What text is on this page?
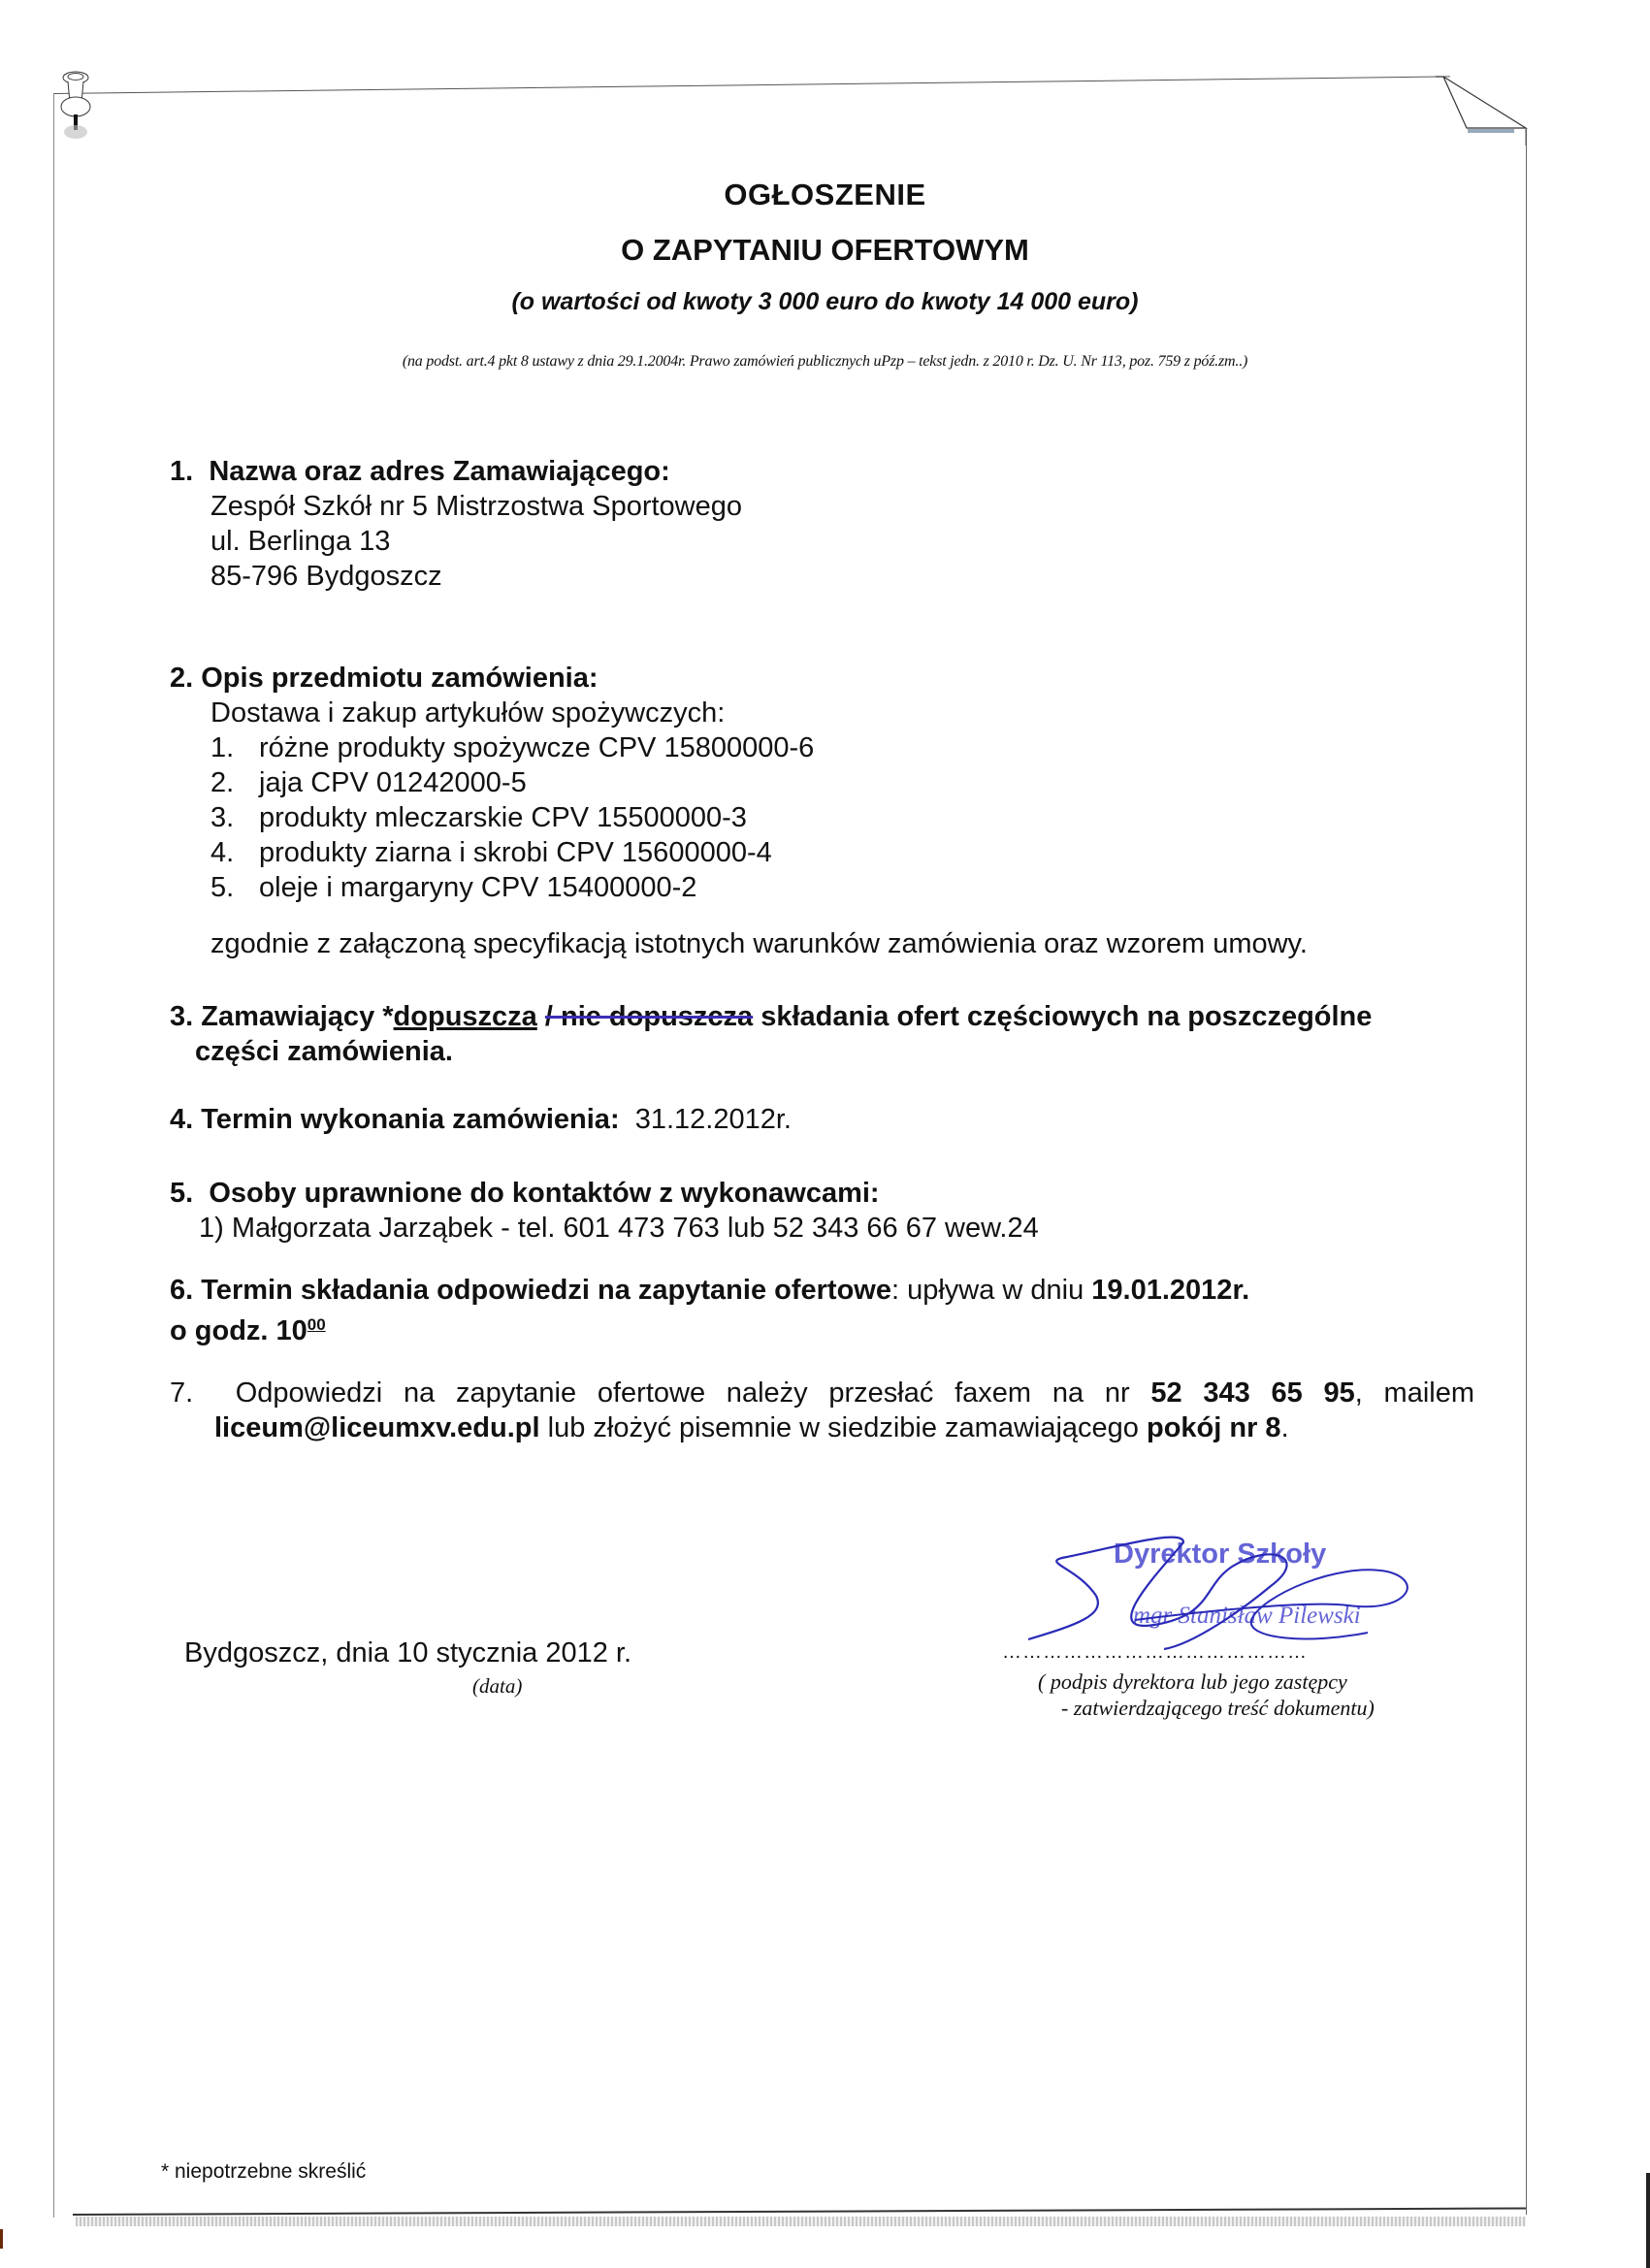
OGŁOSZENIE
O ZAPYTANIU OFERTOWYM
(o wartości od kwoty 3 000 euro do kwoty 14 000 euro)
(na podst. art.4 pkt 8 ustawy z dnia 29.1.2004r. Prawo zamówień publicznych uPzp – tekst jedn. z 2010 r. Dz. U. Nr 113, poz. 759 z póź.zm..)
1. Nazwa oraz adres Zamawiającego:
Zespół Szkół nr 5 Mistrzostwa Sportowego
ul. Berlinga 13
85-796 Bydgoszcz
2. Opis przedmiotu zamówienia:
Dostawa i zakup artykułów spożywczych:
1. różne produkty spożywcze CPV 15800000-6
2. jaja CPV 01242000-5
3. produkty mleczarskie CPV 15500000-3
4. produkty ziarna i skrobi CPV 15600000-4
5. oleje i margaryny CPV 15400000-2
zgodnie z załączoną specyfikacją istotnych warunków zamówienia oraz wzorem umowy.
3. Zamawiający *dopuszcza / nie dopuszcza składania ofert częściowych na poszczególne
części zamówienia.
4. Termin wykonania zamówienia: 31.12.2012r.
5. Osoby uprawnione do kontaktów z wykonawcami:
1) Małgorzata Jarząbek - tel. 601 473 763 lub 52 343 66 67 wew.24
6. Termin składania odpowiedzi na zapytanie ofertowe: upływa w dniu 19.01.2012r.
o godz. $10^{00}$
7. Odpowiedzi na zapytanie ofertowe należy przesłać faxem na nr 52 343 65 95, mailem
liceum@liceumxv.edu.pl lub złożyć pisemnie w siedzibie zamawiającego pokój nr 8.
Bydgoszcz, dnia 10 stycznia 2012 r.
(data)
Dyrektor Szkoły
mgr Stanisław Pilewski
………………………………………
( podpis dyrektora lub jego zastępcy
- zatwierdzającego treść dokumentu)
* niepotrzebne skreślić
